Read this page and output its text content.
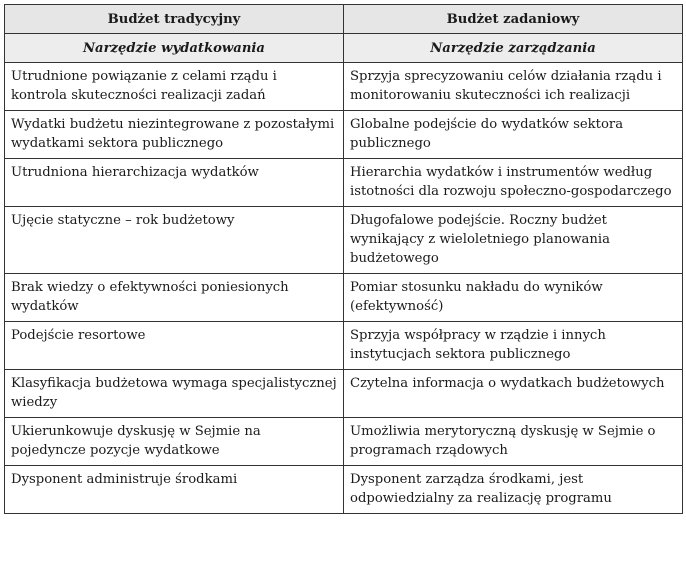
Budżet tradycyjny	Budżet zadaniowy
Narzędzie wydatkowania	Narzędzie zarządzania
Utrudnione powiązanie z celami rządu i kontrola skuteczności realizacji zadań	Sprzyja sprecyzowaniu celów działania rządu i monitorowaniu skuteczności ich realizacji
Wydatki budżetu niezintegrowane z pozostałymi wydatkami sektora publicznego	Globalne podejście do wydatków sektora publicznego
Utrudniona hierarchizacja wydatków	Hierarchia wydatków i instrumentów według istotności dla rozwoju społeczno-gospodarczego
Ujęcie statyczne – rok budżetowy	Długofalowe podejście. Roczny budżet wynikający z wieloletniego planowania budżetowego
Brak wiedzy o efektywności poniesionych wydatków	Pomiar stosunku nakładu do wyników (efektywność)
Podejście resortowe	Sprzyja współpracy w rządzie i innych instytucjach sektora publicznego
Klasyfikacja budżetowa wymaga specjalistycznej wiedzy	Czytelna informacja o wydatkach budżetowych
Ukierunkowuje dyskusję w Sejmie na pojedyncze pozycje wydatkowe	Umożliwia merytoryczną dyskusję w Sejmie o programach rządowych
Dysponent administruje środkami	Dysponent zarządza środkami, jest odpowiedzialny za realizację programu
